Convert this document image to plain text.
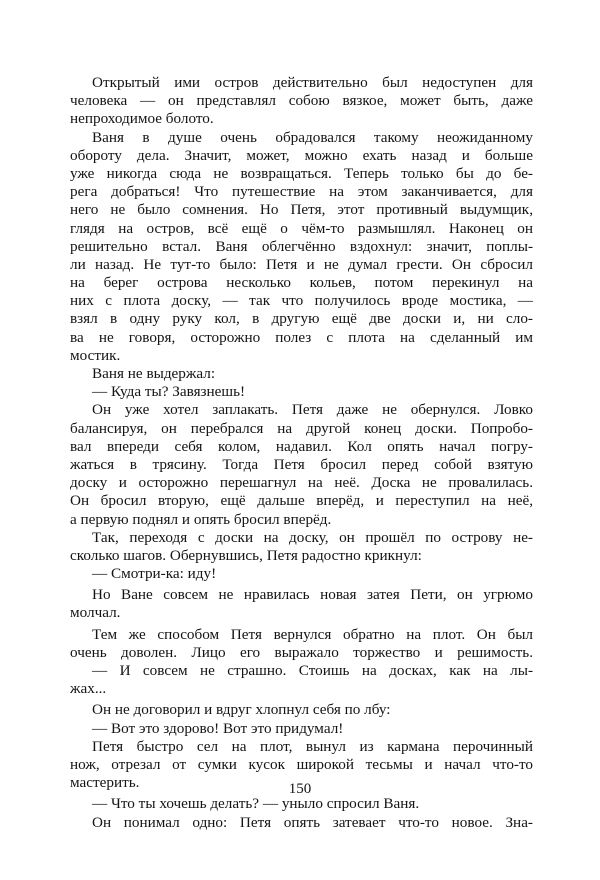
Открытый ими остров действительно был недоступен для
человека — он представлял собою вязкое, может быть, даже
непроходимое болото.
Ваня в душе очень обрадовался такому неожиданному
обороту дела. Значит, может, можно ехать назад и больше
уже никогда сюда не возвращаться. Теперь только бы до бе-
рега добраться! Что путешествие на этом заканчивается, для
него не было сомнения. Но Петя, этот противный выдумщик,
глядя на остров, всё ещё о чём-то размышлял. Наконец он
решительно встал. Ваня облегчённо вздохнул: значит, поплы-
ли назад. Не тут-то было: Петя и не думал грести. Он сбросил
на берег острова несколько кольев, потом перекинул на
них с плота доску, — так что получилось вроде мостика, —
взял в одну руку кол, в другую ещё две доски и, ни сло-
ва не говоря, осторожно полез с плота на сделанный им
мостик.
Ваня не выдержал:
— Куда ты? Завязнешь!
Он уже хотел заплакать. Петя даже не обернулся. Ловко
балансируя, он перебрался на другой конец доски. Попробо-
вал впереди себя колом, надавил. Кол опять начал погру-
жаться в трясину. Тогда Петя бросил перед собой взятую
доску и осторожно перешагнул на неё. Доска не провалилась.
Он бросил вторую, ещё дальше вперёд, и переступил на неё,
а первую поднял и опять бросил вперёд.
Так, переходя с доски на доску, он прошёл по острову не-
сколько шагов. Обернувшись, Петя радостно крикнул:
— Смотри-ка: иду!
Но Ване совсем не нравилась новая затея Пети, он угрюмо
молчал.
Тем же способом Петя вернулся обратно на плот. Он был
очень доволен. Лицо его выражало торжество и решимость.
— И совсем не страшно. Стоишь на досках, как на лы-
жах...
Он не договорил и вдруг хлопнул себя по лбу:
— Вот это здорово! Вот это придумал!
Петя быстро сел на плот, вынул из кармана перочинный
нож, отрезал от сумки кусок широкой тесьмы и начал что-то
мастерить.
— Что ты хочешь делать? — уныло спросил Ваня.
Он понимал одно: Петя опять затевает что-то новое. Зна-
150
